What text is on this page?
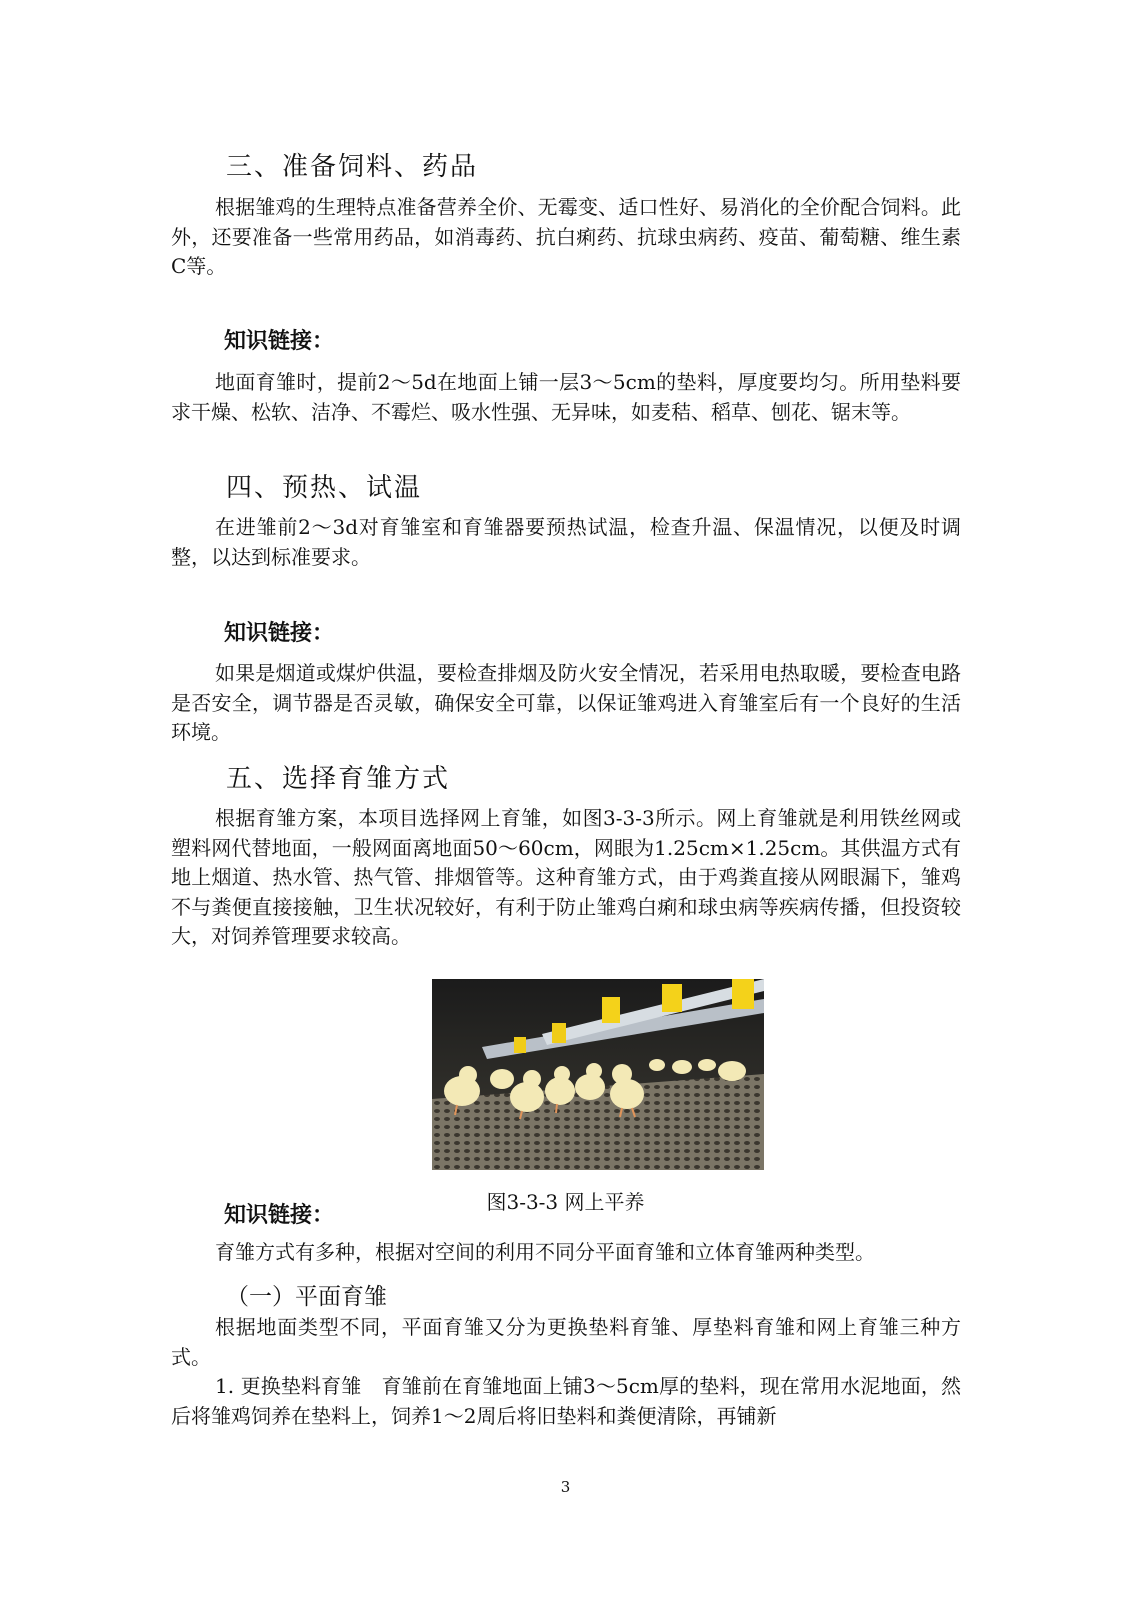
三、准备饲料、药品

根据雏鸡的生理特点准备营养全价、无霉变、适口性好、易消化的全价配合饲料。此外，还要准备一些常用药品，如消毒药、抗白痢药、抗球虫病药、疫苗、葡萄糖、维生素C等。

知识链接：

地面育雏时，提前2～5d在地面上铺一层3～5cm的垫料，厚度要均匀。所用垫料要求干燥、松软、洁净、不霉烂、吸水性强、无异味，如麦秸、稻草、刨花、锯末等。

四、预热、试温

在进雏前2～3d对育雏室和育雏器要预热试温，检查升温、保温情况，以便及时调整，以达到标准要求。

知识链接：

如果是烟道或煤炉供温，要检查排烟及防火安全情况，若采用电热取暖，要检查电路是否安全，调节器是否灵敏，确保安全可靠，以保证雏鸡进入育雏室后有一个良好的生活环境。

五、选择育雏方式

根据育雏方案，本项目选择网上育雏，如图3-3-3所示。网上育雏就是利用铁丝网或塑料网代替地面，一般网面离地面50～60cm，网眼为1.25cm×1.25cm。其供温方式有地上烟道、热水管、热气管、排烟管等。这种育雏方式，由于鸡粪直接从网眼漏下，雏鸡不与粪便直接接触，卫生状况较好，有利于防止雏鸡白痢和球虫病等疾病传播，但投资较大，对饲养管理要求较高。

图3-3-3 网上平养
知识链接：

育雏方式有多种，根据对空间的利用不同分平面育雏和立体育雏两种类型。

（一）平面育雏

根据地面类型不同，平面育雏又分为更换垫料育雏、厚垫料育雏和网上育雏三种方式。

1. 更换垫料育雏　育雏前在育雏地面上铺3～5cm厚的垫料，现在常用水泥地面，然后将雏鸡饲养在垫料上，饲养1～2周后将旧垫料和粪便清除，再铺新

3
